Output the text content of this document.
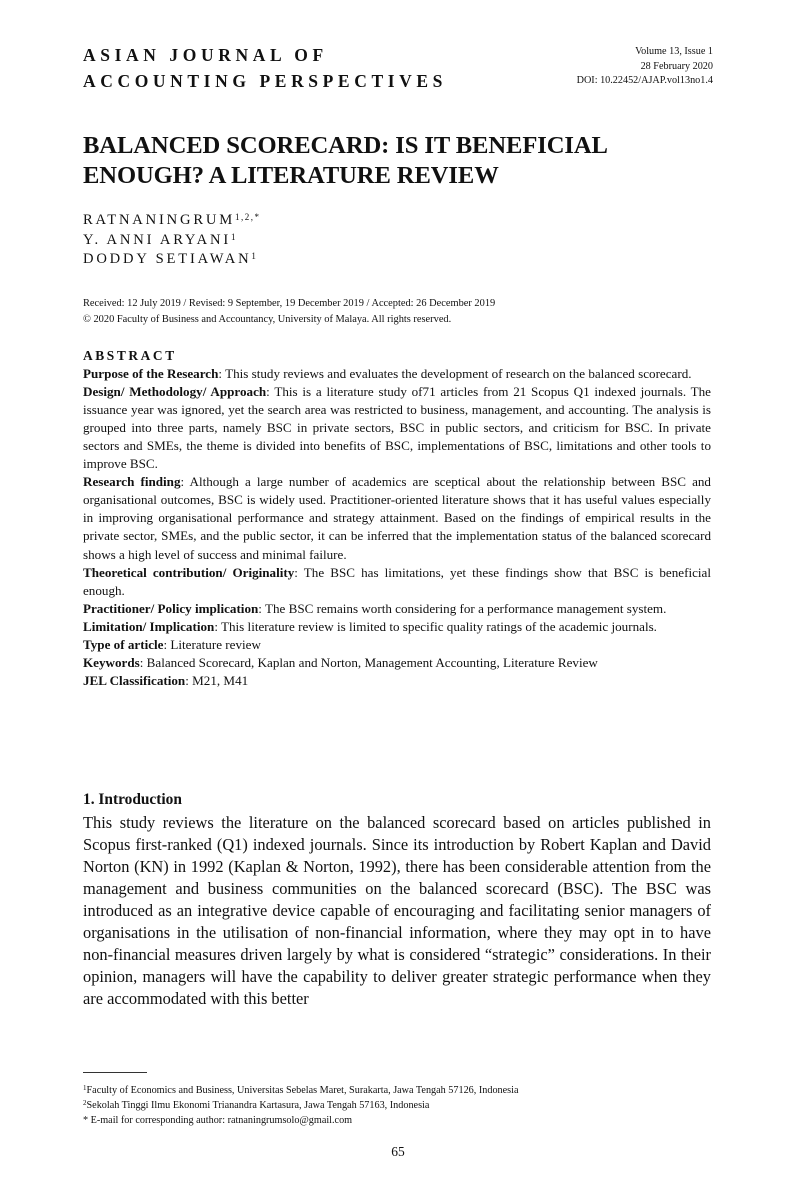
ASIAN JOURNAL OF
ACCOUNTING PERSPECTIVES
Volume 13, Issue 1
28 February 2020
DOI: 10.22452/AJAP.vol13no1.4
BALANCED SCORECARD: IS IT BENEFICIAL
ENOUGH? A LITERATURE REVIEW
$RATNANINGRUM^{1,2,*}$
Y. ANNI ARYANI$^1$
DODDY SETIAWAN$^1$
Received: 12 July 2019 / Revised: 9 September, 19 December 2019 / Accepted: 26 December 2019
© 2020 Faculty of Business and Accountancy, University of Malaya. All rights reserved.
ABSTRACT

Purpose of the Research: This study reviews and evaluates the development of research on the balanced scorecard.

Design/ Methodology/ Approach: This is a literature study of71 articles from 21 Scopus Q1 indexed journals. The issuance year was ignored, yet the search area was restricted to business, management, and accounting. The analysis is grouped into three parts, namely BSC in private sectors, BSC in public sectors, and criticism for BSC. In private sectors and SMEs, the theme is divided into benefits of BSC, implementations of BSC, limitations and other tools to improve BSC.

Research finding: Although a large number of academics are sceptical about the relationship between BSC and organisational outcomes, BSC is widely used. Practitioner-oriented literature shows that it has useful values especially in improving organisational performance and strategy attainment. Based on the findings of empirical results in the private sector, SMEs, and the public sector, it can be inferred that the implementation status of the balanced scorecard shows a high level of success and minimal failure.

Theoretical contribution/ Originality: The BSC has limitations, yet these findings show that BSC is beneficial enough.

Practitioner/ Policy implication: The BSC remains worth considering for a performance management system.

Limitation/ Implication: This literature review is limited to specific quality ratings of the academic journals.

Type of article: Literature review

Keywords: Balanced Scorecard, Kaplan and Norton, Management Accounting, Literature Review

JEL Classification: M21, M41

1. Introduction

This study reviews the literature on the balanced scorecard based on articles published in Scopus first-ranked (Q1) indexed journals. Since its introduction by Robert Kaplan and David Norton (KN) in 1992 (Kaplan & Norton, 1992), there has been considerable attention from the management and business communities on the balanced scorecard (BSC). The BSC was introduced as an integrative device capable of encouraging and facilitating senior managers of organisations in the utilisation of non-financial information, where they may opt in to have non-financial measures driven largely by what is considered “strategic” considerations. In their opinion, managers will have the capability to deliver greater strategic performance when they are accommodated with this better

$^1$Faculty of Economics and Business, Universitas Sebelas Maret, Surakarta, Jawa Tengah 57126, Indonesia
$^2$Sekolah Tinggi Ilmu Ekonomi Trianandra Kartasura, Jawa Tengah 57163, Indonesia
* E-mail for corresponding author: ratnaningrumsolo@gmail.com
65
